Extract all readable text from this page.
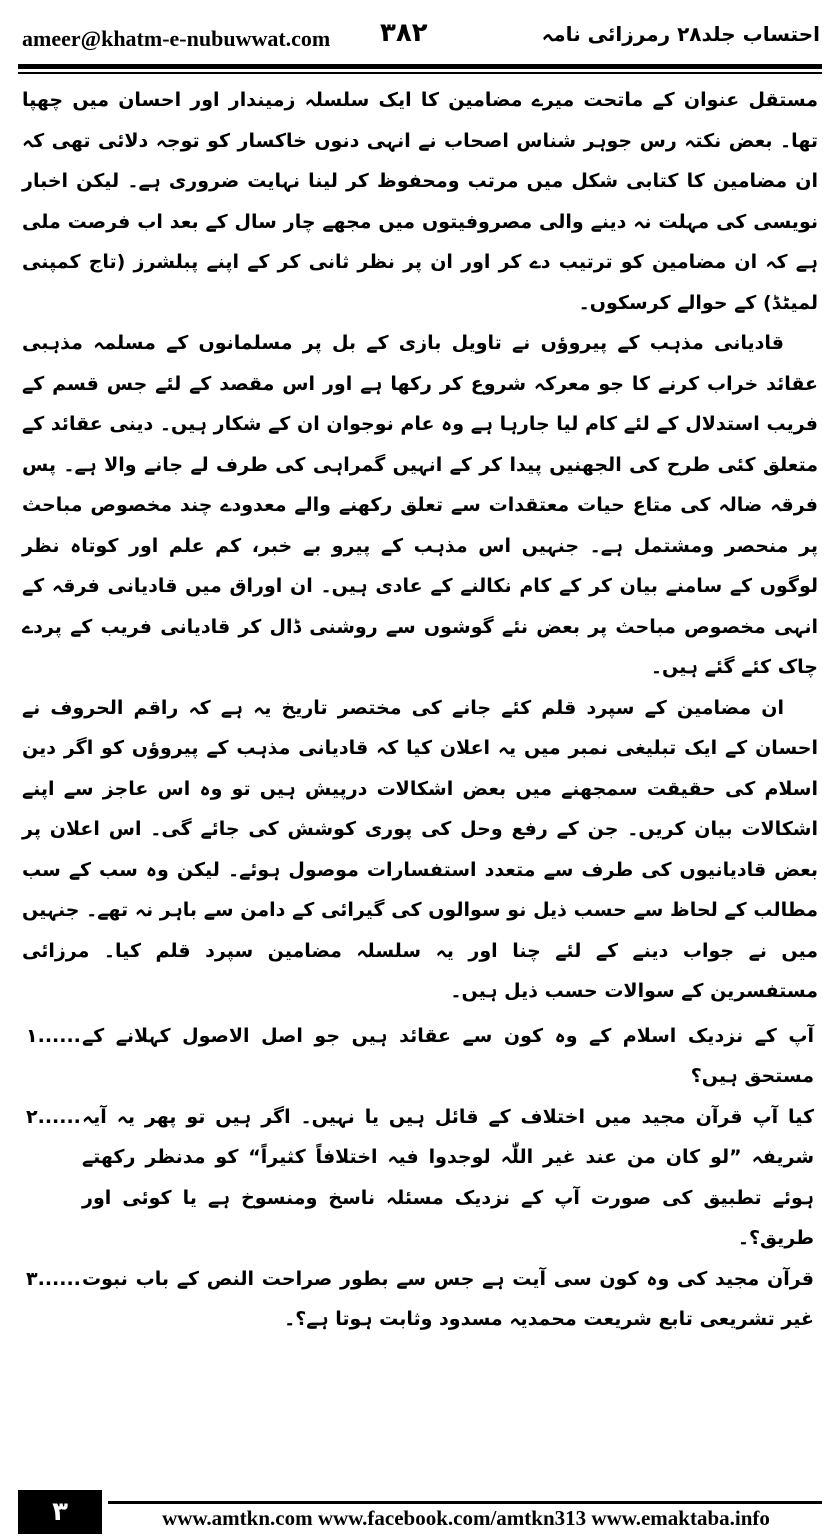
ameer@khatm-e-nubuwwat.com ۳۸۲	احتساب جلد۲۸ رمرزائی نامہ

مستقل عنوان کے ماتحت میرے مضامین کا ایک سلسلہ زمیندار اور احسان میں چھپا تھا۔ بعض نکتہ رس جوہر شناس اصحاب نے انہی دنوں خاکسار کو توجہ دلائی تھی کہ ان مضامین کا کتابی شکل میں مرتب ومحفوظ کر لینا نہایت ضروری ہے۔ لیکن اخبار نویسی کی مہلت نہ دینے والی مصروفیتوں میں مجھے چار سال کے بعد اب فرصت ملی ہے کہ ان مضامین کو ترتیب دے کر اور ان پر نظر ثانی کر کے اپنے پبلشرز (تاج کمپنی لمیٹڈ) کے حوالے کرسکوں۔

قادیانی مذہب کے پیروؤں نے تاویل بازی کے بل پر مسلمانوں کے مسلمہ مذہبی عقائد خراب کرنے کا جو معرکہ شروع کر رکھا ہے اور اس مقصد کے لئے جس قسم کے فریب استدلال کے لئے کام لیا جارہا ہے وہ عام نوجوان ان کے شکار ہیں۔ دینی عقائد کے متعلق کئی طرح کی الجھنیں پیدا کر کے انہیں گمراہی کی طرف لے جانے والا ہے۔ پس فرقہ ضالہ کی متاع حیات معتقدات سے تعلق رکھنے والے معدودے چند مخصوص مباحث پر منحصر ومشتمل ہے۔ جنہیں اس مذہب کے پیرو بے خبر، کم علم اور کوتاہ نظر لوگوں کے سامنے بیان کر کے کام نکالنے کے عادی ہیں۔ ان اوراق میں قادیانی فرقہ کے انہی مخصوص مباحث پر بعض نئے گوشوں سے روشنی ڈال کر قادیانی فریب کے پردے چاک کئے گئے ہیں۔

ان مضامین کے سپرد قلم کئے جانے کی مختصر تاریخ یہ ہے کہ راقم الحروف نے احسان کے ایک تبلیغی نمبر میں یہ اعلان کیا کہ قادیانی مذہب کے پیروؤں کو اگر دین اسلام کی حقیقت سمجھنے میں بعض اشکالات درپیش ہیں تو وہ اس عاجز سے اپنے اشکالات بیان کریں۔ جن کے رفع وحل کی پوری کوشش کی جائے گی۔ اس اعلان پر بعض قادیانیوں کی طرف سے متعدد استفسارات موصول ہوئے۔ لیکن وہ سب کے سب مطالب کے لحاظ سے حسب ذیل نو سوالوں کی گیرائی کے دامن سے باہر نہ تھے۔ جنہیں میں نے جواب دینے کے لئے چنا اور یہ سلسلہ مضامین سپرد قلم کیا۔ مرزائی مستفسرین کے سوالات حسب ذیل ہیں۔

آپ کے نزدیک اسلام کے وہ کون سے عقائد ہیں جو اصل الاصول کہلانے کے مستحق ہیں؟
۱......
کیا آپ قرآن مجید میں اختلاف کے قائل ہیں یا نہیں۔ اگر ہیں تو پھر یہ آیہ شریفہ ”لو کان من عند غیر اللّٰہ لوجدوا فیہ اختلافاً کثیراً“ کو مدنظر رکھتے ہوئے تطبیق کی صورت آپ کے نزدیک مسئلہ ناسخ ومنسوخ ہے یا کوئی اور طریق؟۔
۲......
قرآن مجید کی وہ کون سی آیت ہے جس سے بطور صراحت النص کے باب نبوت غیر تشریعی تابع شریعت محمدیہ مسدود وثابت ہوتا ہے؟۔
۳......
۳	www.amtkn.com www.facebook.com/amtkn313 www.emaktaba.info
